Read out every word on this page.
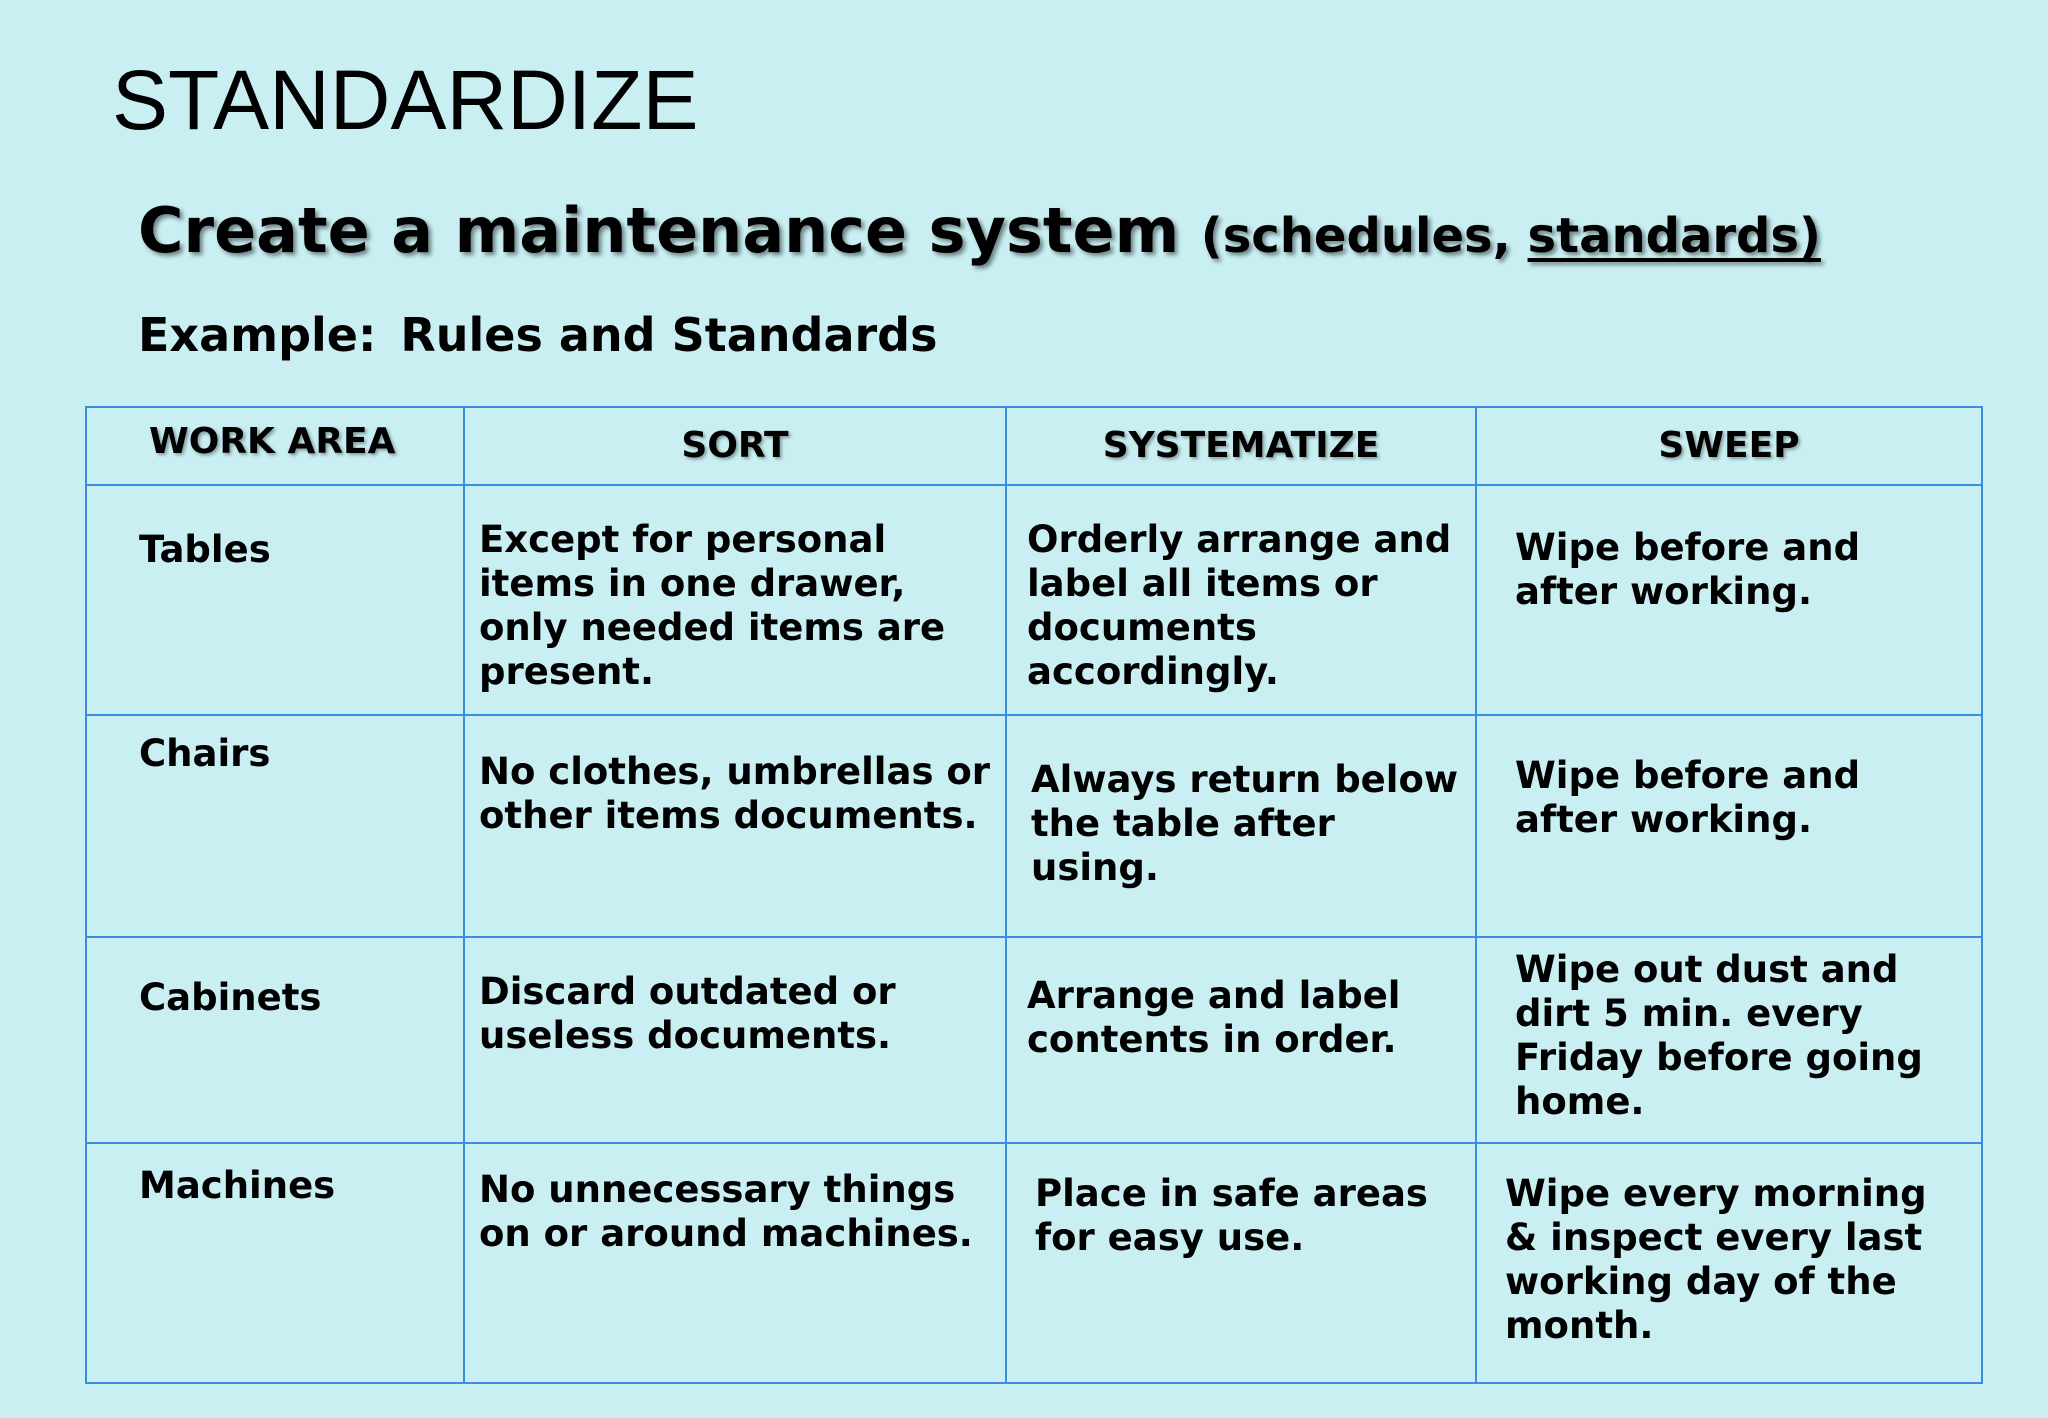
STANDARDIZE
Create a maintenance system (schedules, standards)
Example: Rules and Standards
WORK AREA	SORT	SYSTEMATIZE	SWEEP

Tables	Except for personal items in one drawer, only needed items are present.	Orderly arrange and label all items or documents accordingly.	Wipe before and after working.

Chairs	No clothes, umbrellas or other items documents.	Always return below the table after using.	Wipe before and after working.

Cabinets	Discard outdated or useless documents.	Arrange and label contents in order.	Wipe out dust and dirt 5 min. every Friday before going home.

Machines	No unnecessary things on or around machines.	Place in safe areas for easy use.	Wipe every morning & inspect every last working day of the month.
